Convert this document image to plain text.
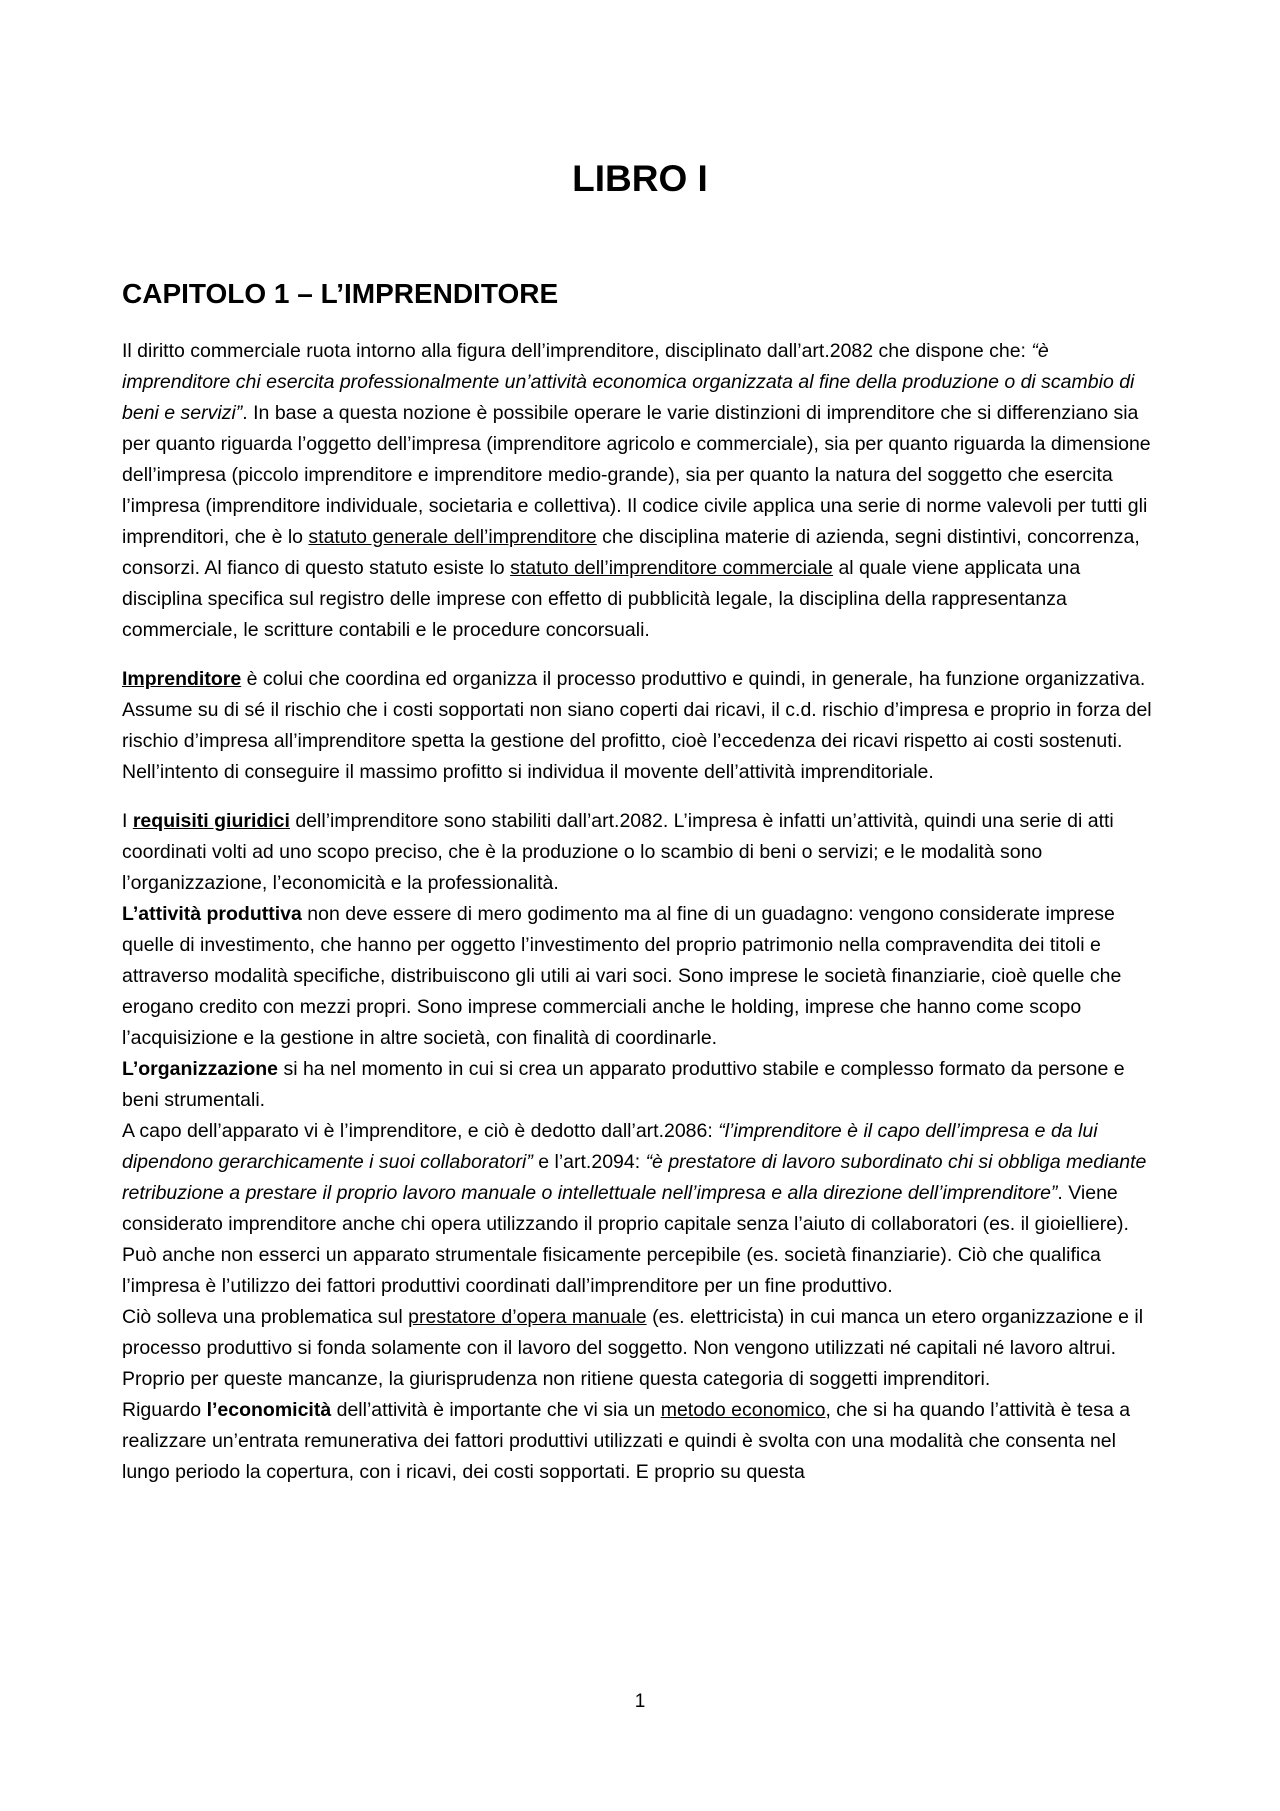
LIBRO I
CAPITOLO 1 – L’IMPRENDITORE

Il diritto commerciale ruota intorno alla figura dell’imprenditore, disciplinato dall’art.2082 che dispone che: “è imprenditore chi esercita professionalmente un’attività economica organizzata al fine della produzione o di scambio di beni e servizi”. In base a questa nozione è possibile operare le varie distinzioni di imprenditore che si differenziano sia per quanto riguarda l’oggetto dell’impresa (imprenditore agricolo e commerciale), sia per quanto riguarda la dimensione dell’impresa (piccolo imprenditore e imprenditore medio-grande), sia per quanto la natura del soggetto che esercita l’impresa (imprenditore individuale, societaria e collettiva). Il codice civile applica una serie di norme valevoli per tutti gli imprenditori, che è lo statuto generale dell’imprenditore che disciplina materie di azienda, segni distintivi, concorrenza, consorzi. Al fianco di questo statuto esiste lo statuto dell’imprenditore commerciale al quale viene applicata una disciplina specifica sul registro delle imprese con effetto di pubblicità legale, la disciplina della rappresentanza commerciale, le scritture contabili e le procedure concorsuali.

Imprenditore è colui che coordina ed organizza il processo produttivo e quindi, in generale, ha funzione organizzativa. Assume su di sé il rischio che i costi sopportati non siano coperti dai ricavi, il c.d. rischio d’impresa e proprio in forza del rischio d’impresa all’imprenditore spetta la gestione del profitto, cioè l’eccedenza dei ricavi rispetto ai costi sostenuti. Nell’intento di conseguire il massimo profitto si individua il movente dell’attività imprenditoriale.

I requisiti giuridici dell’imprenditore sono stabiliti dall’art.2082. L’impresa è infatti un’attività, quindi una serie di atti coordinati volti ad uno scopo preciso, che è la produzione o lo scambio di beni o servizi; e le modalità sono l’organizzazione, l’economicità e la professionalità.

L’attività produttiva non deve essere di mero godimento ma al fine di un guadagno: vengono considerate imprese quelle di investimento, che hanno per oggetto l’investimento del proprio patrimonio nella compravendita dei titoli e attraverso modalità specifiche, distribuiscono gli utili ai vari soci. Sono imprese le società finanziarie, cioè quelle che erogano credito con mezzi propri. Sono imprese commerciali anche le holding, imprese che hanno come scopo l’acquisizione e la gestione in altre società, con finalità di coordinarle.

L’organizzazione si ha nel momento in cui si crea un apparato produttivo stabile e complesso formato da persone e beni strumentali.

A capo dell’apparato vi è l’imprenditore, e ciò è dedotto dall’art.2086: “l’imprenditore è il capo dell’impresa e da lui dipendono gerarchicamente i suoi collaboratori” e l’art.2094: “è prestatore di lavoro subordinato chi si obbliga mediante retribuzione a prestare il proprio lavoro manuale o intellettuale nell’impresa e alla direzione dell’imprenditore”. Viene considerato imprenditore anche chi opera utilizzando il proprio capitale senza l’aiuto di collaboratori (es. il gioielliere). Può anche non esserci un apparato strumentale fisicamente percepibile (es. società finanziarie). Ciò che qualifica l’impresa è l’utilizzo dei fattori produttivi coordinati dall’imprenditore per un fine produttivo.

Ciò solleva una problematica sul prestatore d’opera manuale (es. elettricista) in cui manca un etero organizzazione e il processo produttivo si fonda solamente con il lavoro del soggetto. Non vengono utilizzati né capitali né lavoro altrui. Proprio per queste mancanze, la giurisprudenza non ritiene questa categoria di soggetti imprenditori.

Riguardo l’economicità dell’attività è importante che vi sia un metodo economico, che si ha quando l’attività è tesa a realizzare un’entrata remunerativa dei fattori produttivi utilizzati e quindi è svolta con una modalità che consenta nel lungo periodo la copertura, con i ricavi, dei costi sopportati. E proprio su questa

1
